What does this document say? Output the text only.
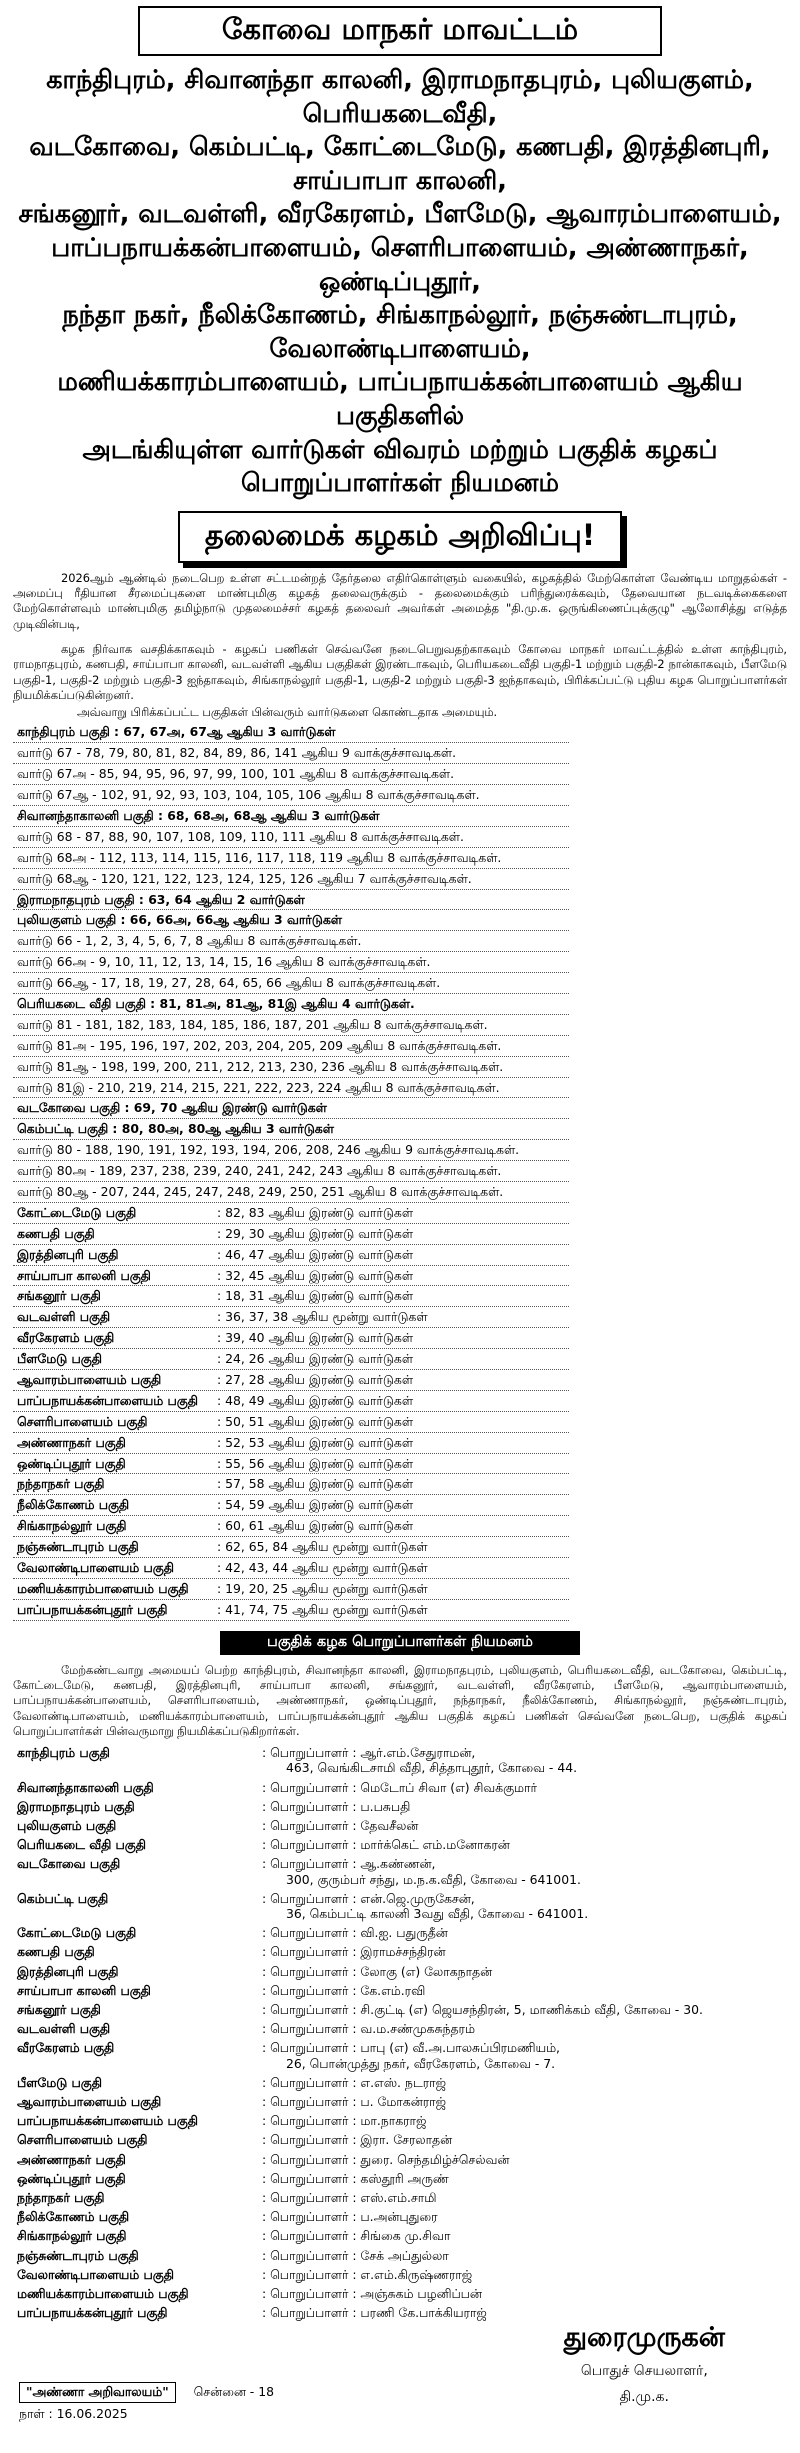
கோவை மாநகர் மாவட்டம்
காந்திபுரம், சிவானந்தா காலனி, இராமநாதபுரம், புலியகுளம், பெரியகடைவீதி,
வடகோவை, கெம்பட்டி, கோட்டைமேடு, கணபதி, இரத்தினபுரி, சாய்பாபா காலனி,
சங்கனூர், வடவள்ளி, வீரகேரளம், பீளமேடு, ஆவாரம்பாளையம்,
பாப்பநாயக்கன்பாளையம், சௌரிபாளையம், அண்ணாநகர், ஒண்டிப்புதூர்,
நந்தா நகர், நீலிக்கோணம், சிங்காநல்லூர், நஞ்சுண்டாபுரம், வேலாண்டிபாளையம்,
மணியக்காரம்பாளையம், பாப்பநாயக்கன்பாளையம் ஆகிய பகுதிகளில்
அடங்கியுள்ள வார்டுகள் விவரம் மற்றும் பகுதிக் கழகப் பொறுப்பாளர்கள் நியமனம்
தலைமைக் கழகம் அறிவிப்பு!

2026ஆம் ஆண்டில் நடைபெற உள்ள சட்டமன்றத் தேர்தலை எதிர்கொள்ளும் வகையில், கழகத்தில் மேற்கொள்ள வேண்டிய மாறுதல்கள் - அமைப்பு ரீதியான சீரமைப்புகளை மாண்புமிகு கழகத் தலைவருக்கும் - தலைமைக்கும் பரிந்துரைக்கவும், தேவையான நடவடிக்கைகளை மேற்கொள்ளவும் மாண்புமிகு தமிழ்நாடு முதலமைச்சர் கழகத் தலைவர் அவர்கள் அமைத்த "தி.மு.க. ஒருங்கிணைப்புக்குழு" ஆலோசித்து எடுத்த முடிவின்படி,

கழக நிர்வாக வசதிக்காகவும் - கழகப் பணிகள் செவ்வனே நடைபெறுவதற்காகவும் கோவை மாநகர் மாவட்டத்தில் உள்ள காந்திபுரம், ராமநாதபுரம், கணபதி, சாய்பாபா காலனி, வடவள்ளி ஆகிய பகுதிகள் இரண்டாகவும், பெரியகடைவீதி பகுதி-1 மற்றும் பகுதி-2 நான்காகவும், பீளமேடு பகுதி-1, பகுதி-2 மற்றும் பகுதி-3 ஐந்தாகவும், சிங்காநல்லூர் பகுதி-1, பகுதி-2 மற்றும் பகுதி-3 ஐந்தாகவும், பிரிக்கப்பட்டு புதிய கழக பொறுப்பாளர்கள் நியமிக்கப்படுகின்றனர்.

அவ்வாறு பிரிக்கப்பட்ட பகுதிகள் பின்வரும் வார்டுகளை கொண்டதாக அமையும்.

காந்திபுரம் பகுதி : 67, 67அ, 67ஆ ஆகிய 3 வார்டுகள்
வார்டு 67 - 78, 79, 80, 81, 82, 84, 89, 86, 141 ஆகிய 9 வாக்குச்சாவடிகள்.
வார்டு 67அ - 85, 94, 95, 96, 97, 99, 100, 101 ஆகிய 8 வாக்குச்சாவடிகள்.
வார்டு 67ஆ - 102, 91, 92, 93, 103, 104, 105, 106 ஆகிய 8 வாக்குச்சாவடிகள்.
சிவானந்தாகாலனி பகுதி : 68, 68அ, 68ஆ ஆகிய 3 வார்டுகள்
வார்டு 68 - 87, 88, 90, 107, 108, 109, 110, 111 ஆகிய 8 வாக்குச்சாவடிகள்.
வார்டு 68அ - 112, 113, 114, 115, 116, 117, 118, 119 ஆகிய 8 வாக்குச்சாவடிகள்.
வார்டு 68ஆ - 120, 121, 122, 123, 124, 125, 126 ஆகிய 7 வாக்குச்சாவடிகள்.
இராமநாதபுரம் பகுதி : 63, 64 ஆகிய 2 வார்டுகள்
புலியகுளம் பகுதி : 66, 66அ, 66ஆ ஆகிய 3 வார்டுகள்
வார்டு 66 - 1, 2, 3, 4, 5, 6, 7, 8 ஆகிய 8 வாக்குச்சாவடிகள்.
வார்டு 66அ - 9, 10, 11, 12, 13, 14, 15, 16 ஆகிய 8 வாக்குச்சாவடிகள்.
வார்டு 66ஆ - 17, 18, 19, 27, 28, 64, 65, 66 ஆகிய 8 வாக்குச்சாவடிகள்.
பெரியகடை வீதி பகுதி : 81, 81அ, 81ஆ, 81இ ஆகிய 4 வார்டுகள்.
வார்டு 81 - 181, 182, 183, 184, 185, 186, 187, 201 ஆகிய 8 வாக்குச்சாவடிகள்.
வார்டு 81அ - 195, 196, 197, 202, 203, 204, 205, 209 ஆகிய 8 வாக்குச்சாவடிகள்.
வார்டு 81ஆ - 198, 199, 200, 211, 212, 213, 230, 236 ஆகிய 8 வாக்குச்சாவடிகள்.
வார்டு 81இ - 210, 219, 214, 215, 221, 222, 223, 224 ஆகிய 8 வாக்குச்சாவடிகள்.
வடகோவை பகுதி : 69, 70 ஆகிய இரண்டு வார்டுகள்
கெம்பட்டி பகுதி : 80, 80அ, 80ஆ ஆகிய 3 வார்டுகள்
வார்டு 80 - 188, 190, 191, 192, 193, 194, 206, 208, 246 ஆகிய 9 வாக்குச்சாவடிகள்.
வார்டு 80அ - 189, 237, 238, 239, 240, 241, 242, 243 ஆகிய 8 வாக்குச்சாவடிகள்.
வார்டு 80ஆ - 207, 244, 245, 247, 248, 249, 250, 251 ஆகிய 8 வாக்குச்சாவடிகள்.
கோட்டைமேடு பகுதி	: 82, 83 ஆகிய இரண்டு வார்டுகள்
கணபதி பகுதி	: 29, 30 ஆகிய இரண்டு வார்டுகள்
இரத்தினபுரி பகுதி	: 46, 47 ஆகிய இரண்டு வார்டுகள்
சாய்பாபா காலனி பகுதி	: 32, 45 ஆகிய இரண்டு வார்டுகள்
சங்கனூர் பகுதி	: 18, 31 ஆகிய இரண்டு வார்டுகள்
வடவள்ளி பகுதி	: 36, 37, 38 ஆகிய மூன்று வார்டுகள்
வீரகேரளம் பகுதி	: 39, 40 ஆகிய இரண்டு வார்டுகள்
பீளமேடு பகுதி	: 24, 26 ஆகிய இரண்டு வார்டுகள்
ஆவாரம்பாளையம் பகுதி	: 27, 28 ஆகிய இரண்டு வார்டுகள்
பாப்பநாயக்கன்பாளையம் பகுதி	: 48, 49 ஆகிய இரண்டு வார்டுகள்
சௌரிபாளையம் பகுதி	: 50, 51 ஆகிய இரண்டு வார்டுகள்
அண்ணாநகர் பகுதி	: 52, 53 ஆகிய இரண்டு வார்டுகள்
ஒண்டிப்புதூர் பகுதி	: 55, 56 ஆகிய இரண்டு வார்டுகள்
நந்தாநகர் பகுதி	: 57, 58 ஆகிய இரண்டு வார்டுகள்
நீலிக்கோணம் பகுதி	: 54, 59 ஆகிய இரண்டு வார்டுகள்
சிங்காநல்லூர் பகுதி	: 60, 61 ஆகிய இரண்டு வார்டுகள்
நஞ்சுண்டாபுரம் பகுதி	: 62, 65, 84 ஆகிய மூன்று வார்டுகள்
வேலாண்டிபாளையம் பகுதி	: 42, 43, 44 ஆகிய மூன்று வார்டுகள்
மணியக்காரம்பாளையம் பகுதி	: 19, 20, 25 ஆகிய மூன்று வார்டுகள்
பாப்பநாயக்கன்புதூர் பகுதி	: 41, 74, 75 ஆகிய மூன்று வார்டுகள்
பகுதிக் கழக பொறுப்பாளர்கள் நியமனம்

மேற்கண்டவாறு அமையப் பெற்ற காந்திபுரம், சிவானந்தா காலனி, இராமநாதபுரம், புலியகுளம், பெரியகடைவீதி, வடகோவை, கெம்பட்டி, கோட்டைமேடு, கணபதி, இரத்தினபுரி, சாய்பாபா காலனி, சங்கனூர், வடவள்ளி, வீரகேரளம், பீளமேடு, ஆவாரம்பாளையம், பாப்பநாயக்கன்பாளையம், சௌரிபாளையம், அண்ணாநகர், ஒண்டிப்புதூர், நந்தாநகர், நீலிக்கோணம், சிங்காநல்லூர், நஞ்சுண்டாபுரம், வேலாண்டிபாளையம், மணியக்காரம்பாளையம், பாப்பநாயக்கன்புதூர் ஆகிய பகுதிக் கழகப் பணிகள் செவ்வனே நடைபெற, பகுதிக் கழகப் பொறுப்பாளர்கள் பின்வருமாறு நியமிக்கப்படுகிறார்கள்.

காந்திபுரம் பகுதி	: பொறுப்பாளர் : ஆர்.எம்.சேதுராமன்,
463, வெங்கிடசாமி வீதி, சித்தாபுதூர், கோவை - 44.
சிவானந்தாகாலனி பகுதி	: பொறுப்பாளர் : மெடோப் சிவா (எ) சிவக்குமார்
இராமநாதபுரம் பகுதி	: பொறுப்பாளர் : ப.பசுபதி
புலியகுளம் பகுதி	: பொறுப்பாளர் : தேவசீலன்
பெரியகடை வீதி பகுதி	: பொறுப்பாளர் : மார்க்கெட் எம்.மனோகரன்
வடகோவை பகுதி	: பொறுப்பாளர் : ஆ.கண்ணன்,
300, குரும்பர் சந்து, ம.ந.க.வீதி, கோவை - 641001.
கெம்பட்டி பகுதி	: பொறுப்பாளர் : என்.ஜெ.முருகேசன்,
36, கெம்பட்டி காலனி 3வது வீதி, கோவை - 641001.
கோட்டைமேடு பகுதி	: பொறுப்பாளர் : வி.ஐ. பதுருதீன்
கணபதி பகுதி	: பொறுப்பாளர் : இராமச்சந்திரன்
இரத்தினபுரி பகுதி	: பொறுப்பாளர் : லோகு (எ) லோகநாதன்
சாய்பாபா காலனி பகுதி	: பொறுப்பாளர் : கே.எம்.ரவி
சங்கனூர் பகுதி	: பொறுப்பாளர் : சி.குட்டி (எ) ஜெயசந்திரன், 5, மாணிக்கம் வீதி, கோவை - 30.
வடவள்ளி பகுதி	: பொறுப்பாளர் : வ.ம.சண்முகசுந்தரம்
வீரகேரளம் பகுதி	: பொறுப்பாளர் : பாபு (எ) வீ.அ.பாலசுப்பிரமணியம்,
26, பொன்முத்து நகர், வீரகேரளம், கோவை - 7.
பீளமேடு பகுதி	: பொறுப்பாளர் : எ.எஸ். நடராஜ்
ஆவாரம்பாளையம் பகுதி	: பொறுப்பாளர் : ப. மோகன்ராஜ்
பாப்பநாயக்கன்பாளையம் பகுதி	: பொறுப்பாளர் : மா.நாகராஜ்
சௌரிபாளையம் பகுதி	: பொறுப்பாளர் : இரா. சேரலாதன்
அண்ணாநகர் பகுதி	: பொறுப்பாளர் : துரை. செந்தமிழ்ச்செல்வன்
ஒண்டிப்புதூர் பகுதி	: பொறுப்பாளர் : கஸ்தூரி அருண்
நந்தாநகர் பகுதி	: பொறுப்பாளர் : எஸ்.எம்.சாமி
நீலிக்கோணம் பகுதி	: பொறுப்பாளர் : ப.அன்புதுரை
சிங்காநல்லூர் பகுதி	: பொறுப்பாளர் : சிங்கை மு.சிவா
நஞ்சுண்டாபுரம் பகுதி	: பொறுப்பாளர் : சேக் அப்துல்லா
வேலாண்டிபாளையம் பகுதி	: பொறுப்பாளர் : எ.எம்.கிருஷ்ணராஜ்
மணியக்காரம்பாளையம் பகுதி	: பொறுப்பாளர் : அஞ்சுகம் பழனிப்பன்
பாப்பநாயக்கன்புதூர் பகுதி	: பொறுப்பாளர் : பரணி கே.பாக்கியராஜ்
துரைமுருகன்
பொதுச் செயலாளர்,
தி.மு.க.
"அண்ணா அறிவாலயம்" சென்னை - 18
நாள் : 16.06.2025
